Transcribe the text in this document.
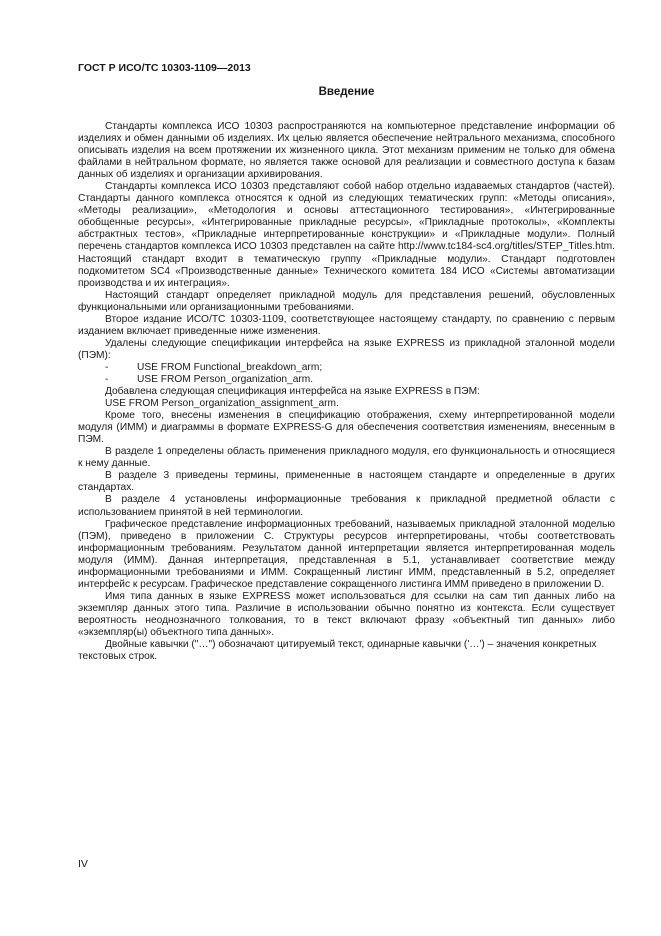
ГОСТ Р ИСО/ТС 10303-1109—2013

Введение

Стандарты комплекса ИСО 10303 распространяются на компьютерное представление информации об изделиях и обмен данными об изделиях. Их целью является обеспечение нейтрального механизма, способного описывать изделия на всем протяжении их жизненного цикла. Этот механизм применим не только для обмена файлами в нейтральном формате, но является также основой для реализации и совместного доступа к базам данных об изделиях и организации архивирования.

Стандарты комплекса ИСО 10303 представляют собой набор отдельно издаваемых стандартов (частей). Стандарты данного комплекса относятся к одной из следующих тематических групп: «Методы описания», «Методы реализации», «Методология и основы аттестационного тестирования», «Интегрированные обобщенные ресурсы», «Интегрированные прикладные ресурсы», «Прикладные протоколы», «Комплекты абстрактных тестов», «Прикладные интерпретированные конструкции» и «Прикладные модули». Полный перечень стандартов комплекса ИСО 10303 представлен на сайте http://www.tc184-sc4.org/titles/STEP_Titles.htm. Настоящий стандарт входит в тематическую группу «Прикладные модули». Стандарт подготовлен подкомитетом SC4 «Производственные данные» Технического комитета 184 ИСО «Системы автоматизации производства и их интеграция».

Настоящий стандарт определяет прикладной модуль для представления решений, обусловленных функциональными или организационными требованиями.

Второе издание ИСО/ТС 10303-1109, соответствующее настоящему стандарту, по сравнению с первым изданием включает приведенные ниже изменения.

Удалены следующие спецификации интерфейса на языке EXPRESS из прикладной эталонной модели (ПЭМ):

-	USE FROM Functional_breakdown_arm;

-	USE FROM Person_organization_arm.

Добавлена следующая спецификация интерфейса на языке EXPRESS в ПЭМ:

USE FROM Person_organization_assignment_arm.

Кроме того, внесены изменения в спецификацию отображения, схему интерпретированной модели модуля (ИММ) и диаграммы в формате EXPRESS-G для обеспечения соответствия изменениям, внесенным в ПЭМ.

В разделе 1 определены область применения прикладного модуля, его функциональность и относящиеся к нему данные.

В разделе 3 приведены термины, примененные в настоящем стандарте и определенные в других стандартах.

В разделе 4 установлены информационные требования к прикладной предметной области с использованием принятой в ней терминологии.

Графическое представление информационных требований, называемых прикладной эталонной моделью (ПЭМ), приведено в приложении С. Структуры ресурсов интерпретированы, чтобы соответствовать информационным требованиям. Результатом данной интерпретации является интерпретированная модель модуля (ИММ). Данная интерпретация, представленная в 5.1, устанавливает соответствие между информационными требованиями и ИММ. Сокращенный листинг ИММ, представленный в 5.2, определяет интерфейс к ресурсам. Графическое представление сокращенного листинга ИММ приведено в приложении D.

Имя типа данных в языке EXPRESS может использоваться для ссылки на сам тип данных либо на экземпляр данных этого типа. Различие в использовании обычно понятно из контекста. Если существует вероятность неоднозначного толкования, то в текст включают фразу «объектный тип данных» либо «экземпляр(ы) объектного типа данных».

Двойные кавычки ("…") обозначают цитируемый текст, одинарные кавычки ('…') – значения конкретных текстовых строк.

IV
